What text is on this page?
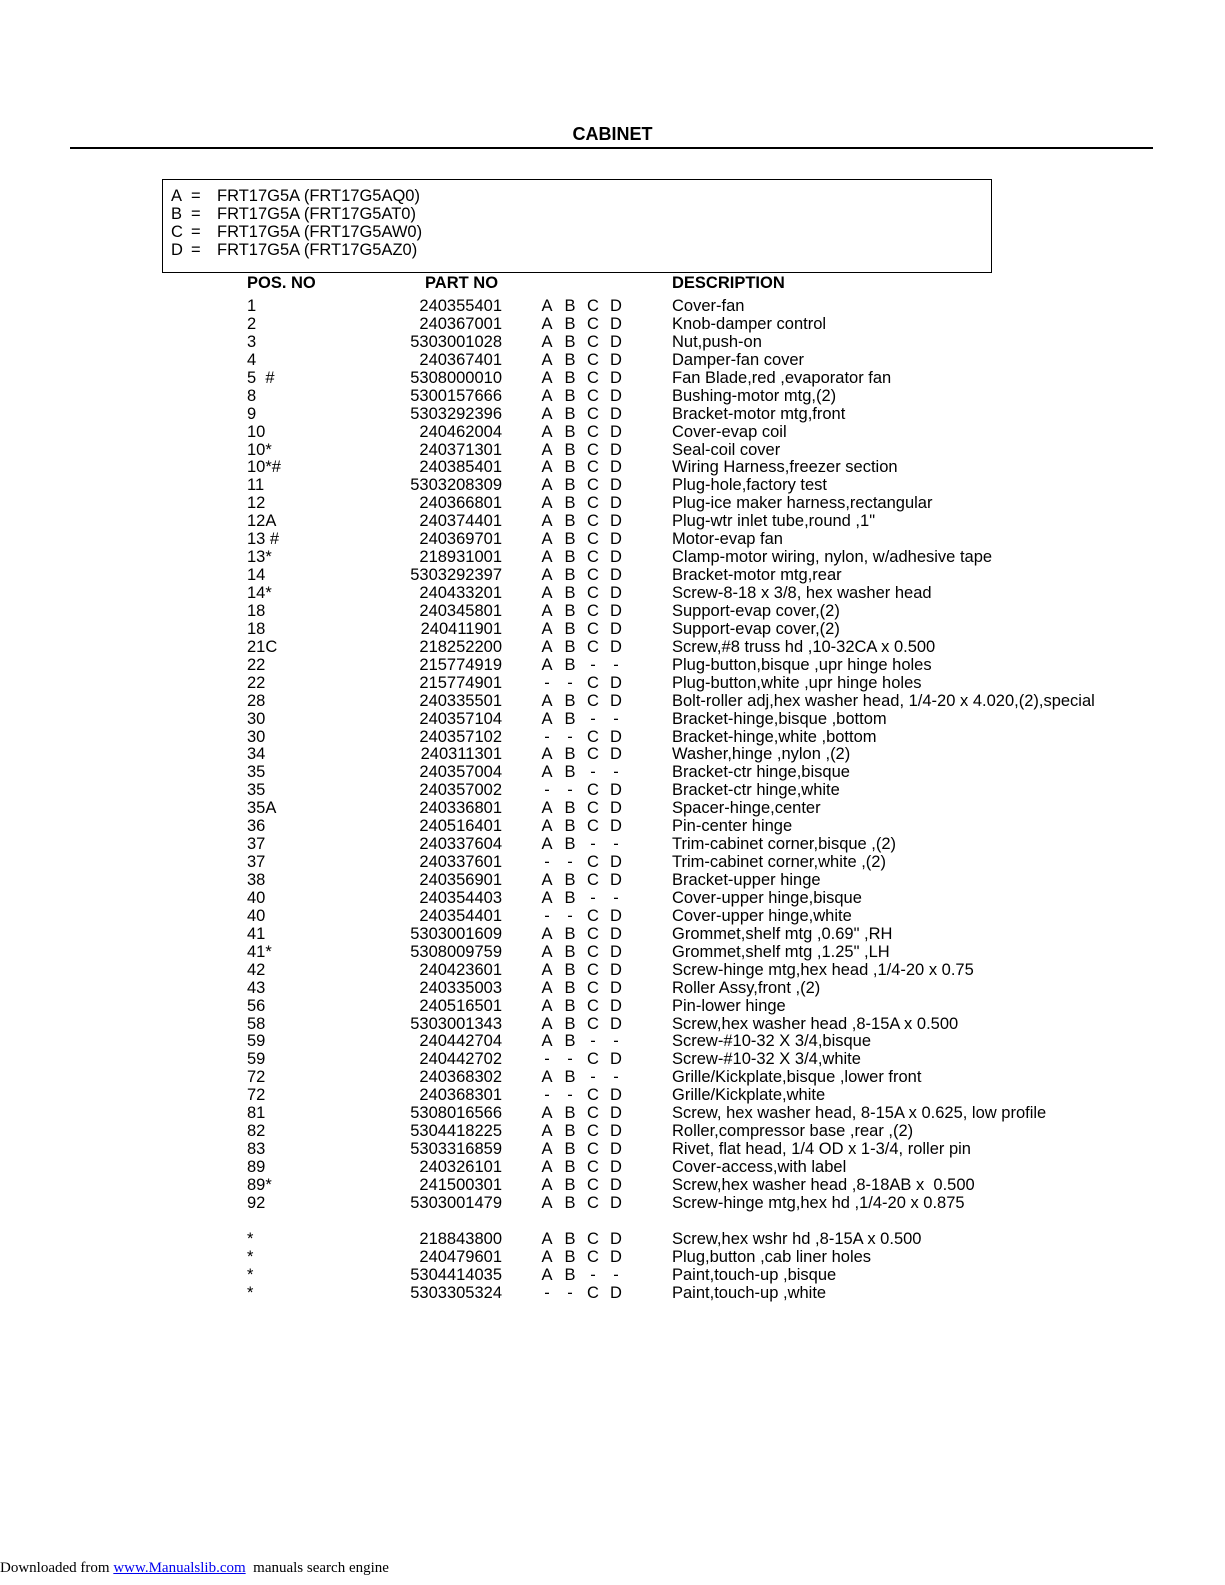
CABINET
A = FRT17G5A (FRT17G5AQ0)
B = FRT17G5A (FRT17G5AT0)
C = FRT17G5A (FRT17G5AW0)
D = FRT17G5A (FRT17G5AZ0)
POS. NO	PART NO	DESCRIPTION
1	240355401 A B C D	Cover-fan
2	240367001 A B C D	Knob-damper control
3	5303001028 A B C D	Nut,push-on
4	240367401 A B C D	Damper-fan cover
5  #	5308000010 A B C D	Fan Blade,red ,evaporator fan
8	5300157666 A B C D	Bushing-motor mtg,(2)
9	5303292396 A B C D	Bracket-motor mtg,front
10	240462004 A B C D	Cover-evap coil
10*	240371301 A B C D	Seal-coil cover
10*#	240385401 A B C D	Wiring Harness,freezer section
11	5303208309 A B C D	Plug-hole,factory test
12	240366801 A B C D	Plug-ice maker harness,rectangular
12A	240374401 A B C D	Plug-wtr inlet tube,round ,1"
13 #	240369701 A B C D	Motor-evap fan
13*	218931001 A B C D	Clamp-motor wiring, nylon, w/adhesive tape
14	5303292397 A B C D	Bracket-motor mtg,rear
14*	240433201 A B C D	Screw-8-18 x 3/8, hex washer head
18	240345801 A B C D	Support-evap cover,(2)
18	240411901 A B C D	Support-evap cover,(2)
21C	218252200 A B C D	Screw,#8 truss hd ,10-32CA x 0.500
22	215774919 A B - -	Plug-button,bisque ,upr hinge holes
22	215774901	- - C D	Plug-button,white ,upr hinge holes
28	240335501 A B C D	Bolt-roller adj,hex washer head, 1/4-20 x 4.020,(2),special
30	240357104 A B - -	Bracket-hinge,bisque ,bottom
30	240357102	- - C D	Bracket-hinge,white ,bottom
34	240311301 A B C D	Washer,hinge ,nylon ,(2)
35	240357004 A B - -	Bracket-ctr hinge,bisque
35	240357002	- - C D	Bracket-ctr hinge,white
35A	240336801 A B C D	Spacer-hinge,center
36	240516401 A B C D	Pin-center hinge
37	240337604 A B - -	Trim-cabinet corner,bisque ,(2)
37	240337601	- - C D	Trim-cabinet corner,white ,(2)
38	240356901 A B C D	Bracket-upper hinge
40	240354403 A B - -	Cover-upper hinge,bisque
40	240354401	- - C D	Cover-upper hinge,white
41	5303001609 A B C D	Grommet,shelf mtg ,0.69" ,RH
41*	5308009759 A B C D	Grommet,shelf mtg ,1.25" ,LH
42	240423601 A B C D	Screw-hinge mtg,hex head ,1/4-20 x 0.75
43	240335003 A B C D	Roller Assy,front ,(2)
56	240516501 A B C D	Pin-lower hinge
58	5303001343 A B C D	Screw,hex washer head ,8-15A x 0.500
59	240442704 A B - -	Screw-#10-32 X 3/4,bisque
59	240442702	- - C D	Screw-#10-32 X 3/4,white
72	240368302 A B - -	Grille/Kickplate,bisque ,lower front
72	240368301	- - C D	Grille/Kickplate,white
81	5308016566 A B C D	Screw, hex washer head, 8-15A x 0.625, low profile
82	5304418225 A B C D	Roller,compressor base ,rear ,(2)
83	5303316859 A B C D	Rivet, flat head, 1/4 OD x 1-3/4, roller pin
89	240326101 A B C D	Cover-access,with label
89*	241500301 A B C D	Screw,hex washer head ,8-18AB x  0.500
92	5303001479 A B C D	Screw-hinge mtg,hex hd ,1/4-20 x 0.875
*	218843800 A B C D	Screw,hex wshr hd ,8-15A x 0.500
*	240479601 A B C D	Plug,button ,cab liner holes
*	5304414035 A B - -	Paint,touch-up ,bisque
*	5303305324	- - C D	Paint,touch-up ,white
Downloaded from www.Manualslib.com  manuals search engine
